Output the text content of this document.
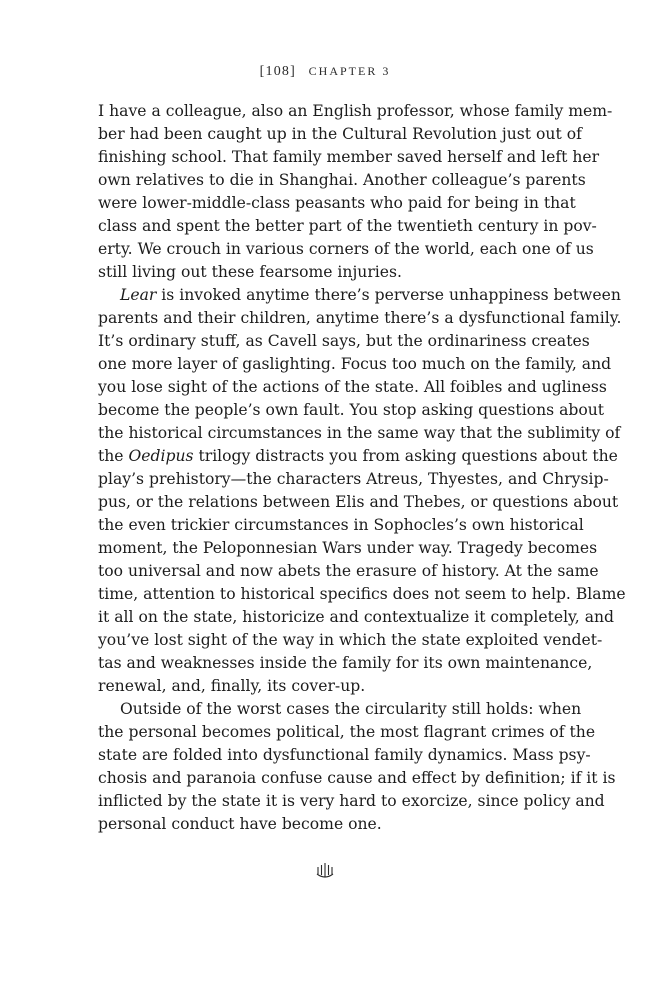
[108] CHAPTER 3
I have a colleague, also an English professor, whose family mem-
ber had been caught up in the Cultural Revolution just out of
finishing school. That family member saved herself and left her
own relatives to die in Shanghai. Another colleague’s parents
were lower-middle-class peasants who paid for being in that
class and spent the better part of the twentieth century in pov-
erty. We crouch in various corners of the world, each one of us
still living out these fearsome injuries.
Lear is invoked anytime there’s perverse unhappiness between
parents and their children, anytime there’s a dysfunctional family.
It’s ordinary stuff, as Cavell says, but the ordinariness creates
one more layer of gaslighting. Focus too much on the family, and
you lose sight of the actions of the state. All foibles and ugliness
become the people’s own fault. You stop asking questions about
the historical circumstances in the same way that the sublimity of
the Oedipus trilogy distracts you from asking questions about the
play’s prehistory—the characters Atreus, Thyestes, and Chrysip-
pus, or the relations between Elis and Thebes, or questions about
the even trickier circumstances in Sophocles’s own historical
moment, the Peloponnesian Wars under way. Tragedy becomes
too universal and now abets the erasure of history. At the same
time, attention to historical specifics does not seem to help. Blame
it all on the state, historicize and contextualize it completely, and
you’ve lost sight of the way in which the state exploited vendet-
tas and weaknesses inside the family for its own maintenance,
renewal, and, finally, its cover-up.
Outside of the worst cases the circularity still holds: when
the personal becomes political, the most flagrant crimes of the
state are folded into dysfunctional family dynamics. Mass psy-
chosis and paranoia confuse cause and effect by definition; if it is
inflicted by the state it is very hard to exorcize, since policy and
personal conduct have become one.
